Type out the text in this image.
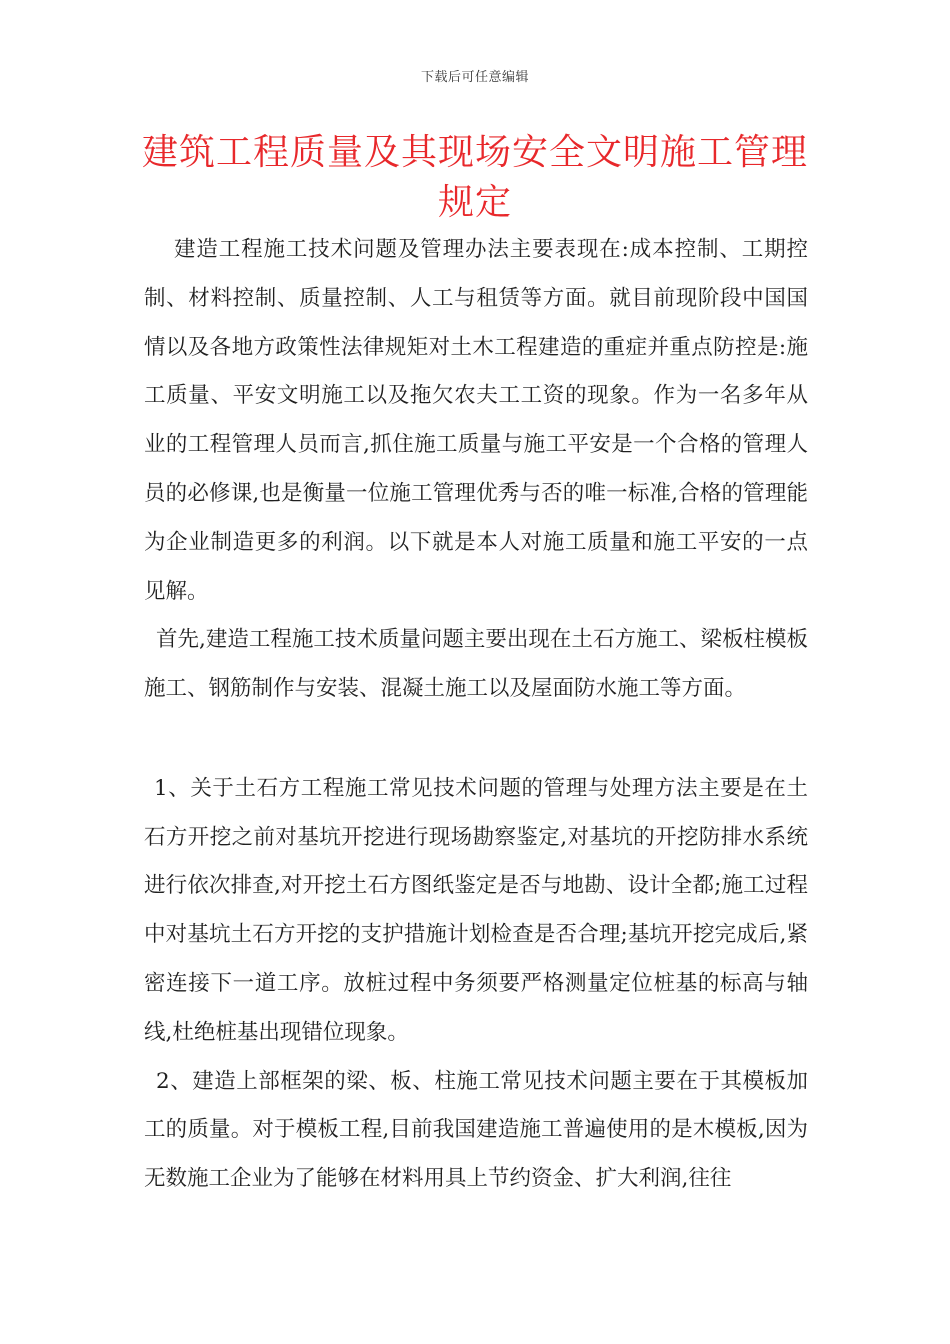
下载后可任意编辑
建筑工程质量及其现场安全文明施工管理规定

建造工程施工技术问题及管理办法主要表现在:成本控制、工期控制、材料控制、质量控制、人工与租赁等方面。就目前现阶段中国国情以及各地方政策性法律规矩对土木工程建造的重症并重点防控是:施工质量、平安文明施工以及拖欠农夫工工资的现象。作为一名多年从业的工程管理人员而言,抓住施工质量与施工平安是一个合格的管理人员的必修课,也是衡量一位施工管理优秀与否的唯一标准,合格的管理能为企业制造更多的利润。以下就是本人对施工质量和施工平安的一点见解。

首先,建造工程施工技术质量问题主要出现在土石方施工、梁板柱模板施工、钢筋制作与安装、混凝土施工以及屋面防水施工等方面。

1、关于土石方工程施工常见技术问题的管理与处理方法主要是在土石方开挖之前对基坑开挖进行现场勘察鉴定,对基坑的开挖防排水系统进行依次排查,对开挖土石方图纸鉴定是否与地勘、设计全都;施工过程中对基坑土石方开挖的支护措施计划检查是否合理;基坑开挖完成后,紧密连接下一道工序。放桩过程中务须要严格测量定位桩基的标高与轴线,杜绝桩基出现错位现象。

2、建造上部框架的梁、板、柱施工常见技术问题主要在于其模板加工的质量。对于模板工程,目前我国建造施工普遍使用的是木模板,因为无数施工企业为了能够在材料用具上节约资金、扩大利润,往往
